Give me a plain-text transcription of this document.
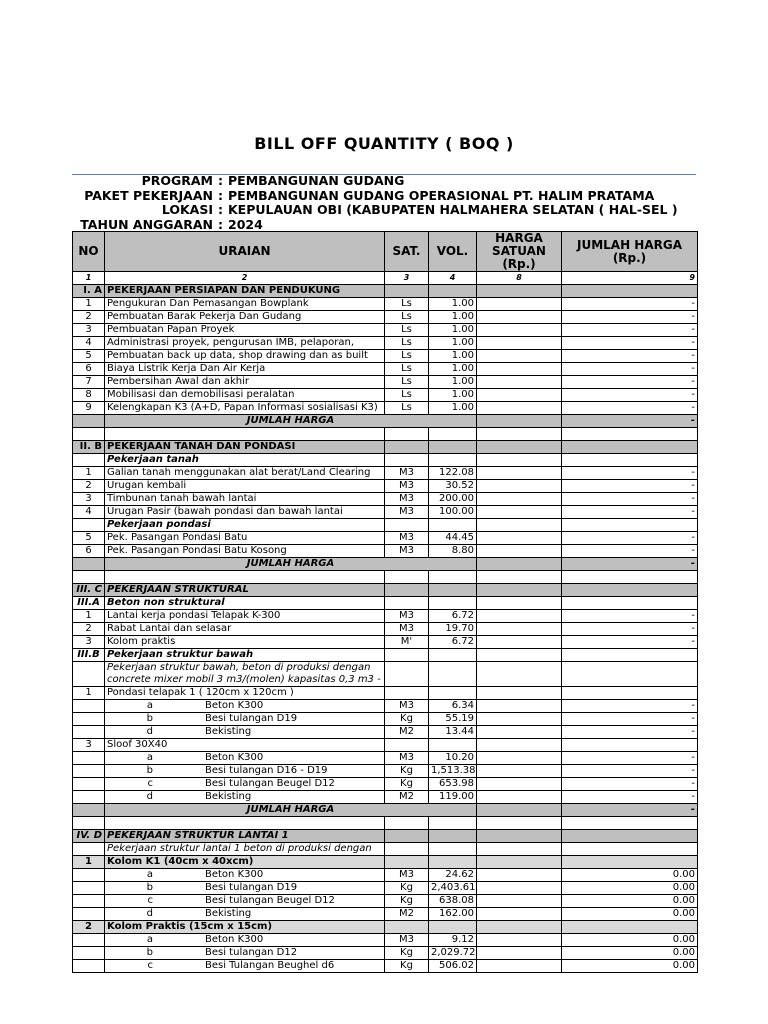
BILL OFF QUANTITY ( BOQ )
PROGRAM : PEMBANGUNAN GUDANG
PAKET PEKERJAAN : PEMBANGUNAN GUDANG OPERASIONAL PT. HALIM PRATAMA
LOKASI : KEPULAUAN OBI (KABUPATEN HALMAHERA SELATAN ( HAL-SEL )
TAHUN ANGGARAN : 2024
NO	URAIAN	SAT.	VOL.	HARGA SATUAN (Rp.)	JUMLAH HARGA (Rp.)
1	2	3	4	8	9
I. A	PEKERJAAN PERSIAPAN DAN PENDUKUNG				
1	Pengukuran Dan Pemasangan Bowplank	Ls	1.00		-
2	Pembuatan Barak Pekerja Dan Gudang	Ls	1.00		-
3	Pembuatan Papan Proyek	Ls	1.00		-
4	Administrasi proyek, pengurusan IMB, pelaporan,	Ls	1.00		-
5	Pembuatan back up data, shop drawing dan as built	Ls	1.00		-
6	Biaya Listrik Kerja Dan Air Kerja	Ls	1.00		-
7	Pembersihan Awal dan akhir	Ls	1.00		-
8	Mobilisasi dan demobilisasi peralatan	Ls	1.00		-
9	Kelengkapan K3 (A+D, Papan Informasi sosialisasi K3)	Ls	1.00		-
	JUMLAH HARGA				-

II. B	PEKERJAAN TANAH DAN PONDASI				
	Pekerjaan tanah				
1	Galian tanah menggunakan alat berat/Land Clearing	M3	122.08		-
2	Urugan kembali	M3	30.52		-
3	Timbunan tanah bawah lantai	M3	200.00		-
4	Urugan Pasir (bawah pondasi dan bawah lantai	M3	100.00		-
	Pekerjaan pondasi				
5	Pek. Pasangan Pondasi Batu	M3	44.45		-
6	Pek. Pasangan Pondasi Batu Kosong	M3	8.80		-
	JUMLAH HARGA				-

III. C	PEKERJAAN STRUKTURAL				
III.A	Beton non struktural				
1	Lantai kerja pondasi Telapak K-300	M3	6.72		-
2	Rabat Lantai dan selasar	M3	19.70		-
3	Kolom praktis	M'	6.72		-
III.B	Pekerjaan struktur bawah				
	Pekerjaan struktur bawah, beton di produksi dengan concrete mixer mobil 3 m3/(molen) kapasitas 0,3 m3 -				
1	Pondasi telapak 1 ( 120cm x 120cm )				
	a Beton K300	M3	6.34		-
	b Besi tulangan D19	Kg	55.19		-
	d Bekisting	M2	13.44		-
3	Sloof 30X40				
	a Beton K300	M3	10.20		-
	b Besi tulangan D16 - D19	Kg	1,513.38		-
	c Besi tulangan Beugel D12	Kg	653.98		-
	d Bekisting	M2	119.00		-
	JUMLAH HARGA				-

IV. D	PEKERJAAN STRUKTUR LANTAI 1				
	Pekerjaan struktur lantai 1 beton di produksi dengan				
1	Kolom K1 (40cm x 40xcm)				
	a Beton K300	M3	24.62		0.00
	b Besi tulangan D19	Kg	2,403.61		0.00
	c Besi tulangan Beugel D12	Kg	638.08		0.00
	d Bekisting	M2	162.00		0.00
2	Kolom Praktis (15cm x 15cm)				
	a Beton K300	M3	9.12		0.00
	b Besi tulangan D12	Kg	2,029.72		0.00
	c Besi Tulangan Beughel d6	Kg	506.02		0.00
